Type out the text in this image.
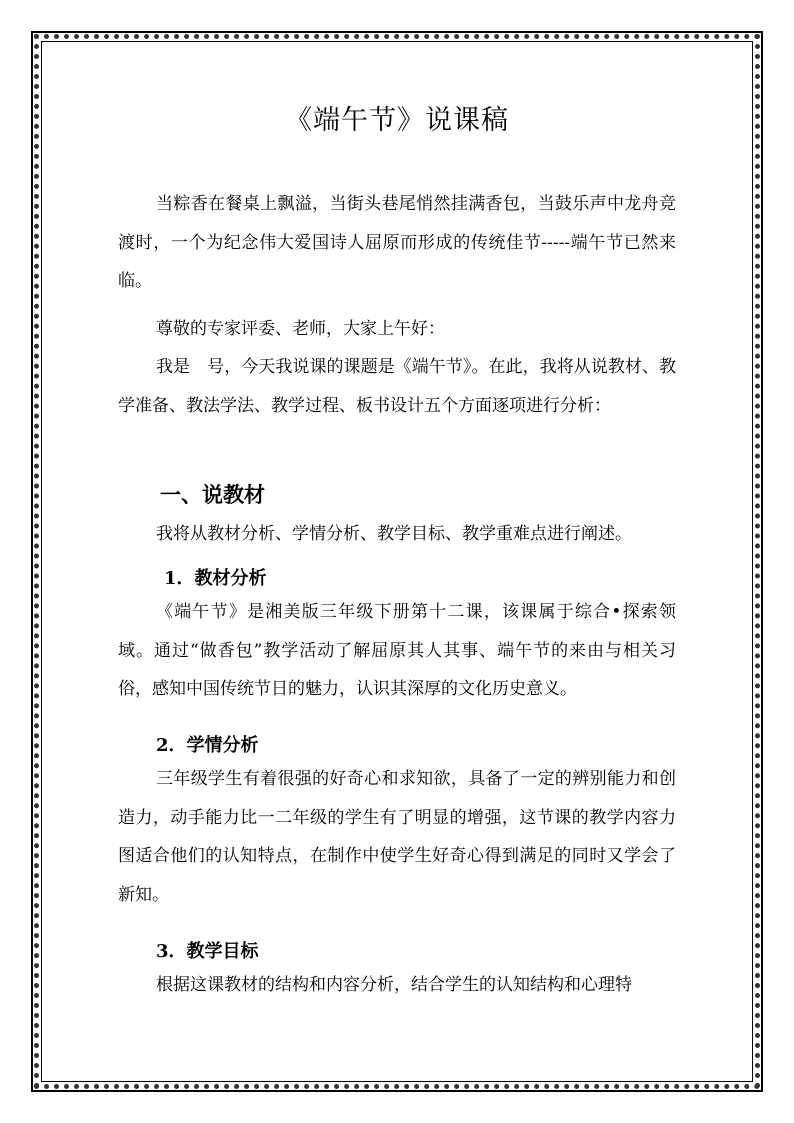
《端午节》说课稿

当粽香在餐桌上飘溢，当街头巷尾悄然挂满香包，当鼓乐声中龙舟竞渡时，一个为纪念伟大爱国诗人屈原而形成的传统佳节-----端午节已然来临。

尊敬的专家评委、老师，大家上午好：

我是　号，今天我说课的课题是《端午节》。在此，我将从说教材、教学准备、教法学法、教学过程、板书设计五个方面逐项进行分析：

一、说教材

我将从教材分析、学情分析、教学目标、教学重难点进行阐述。

1．教材分析

《端午节》是湘美版三年级下册第十二课，该课属于综合•探索领域。通过“做香包”教学活动了解屈原其人其事、端午节的来由与相关习俗，感知中国传统节日的魅力，认识其深厚的文化历史意义。

2．学情分析

三年级学生有着很强的好奇心和求知欲，具备了一定的辨别能力和创造力，动手能力比一二年级的学生有了明显的增强，这节课的教学内容力图适合他们的认知特点，在制作中使学生好奇心得到满足的同时又学会了新知。

3．教学目标

根据这课教材的结构和内容分析，结合学生的认知结构和心理特
